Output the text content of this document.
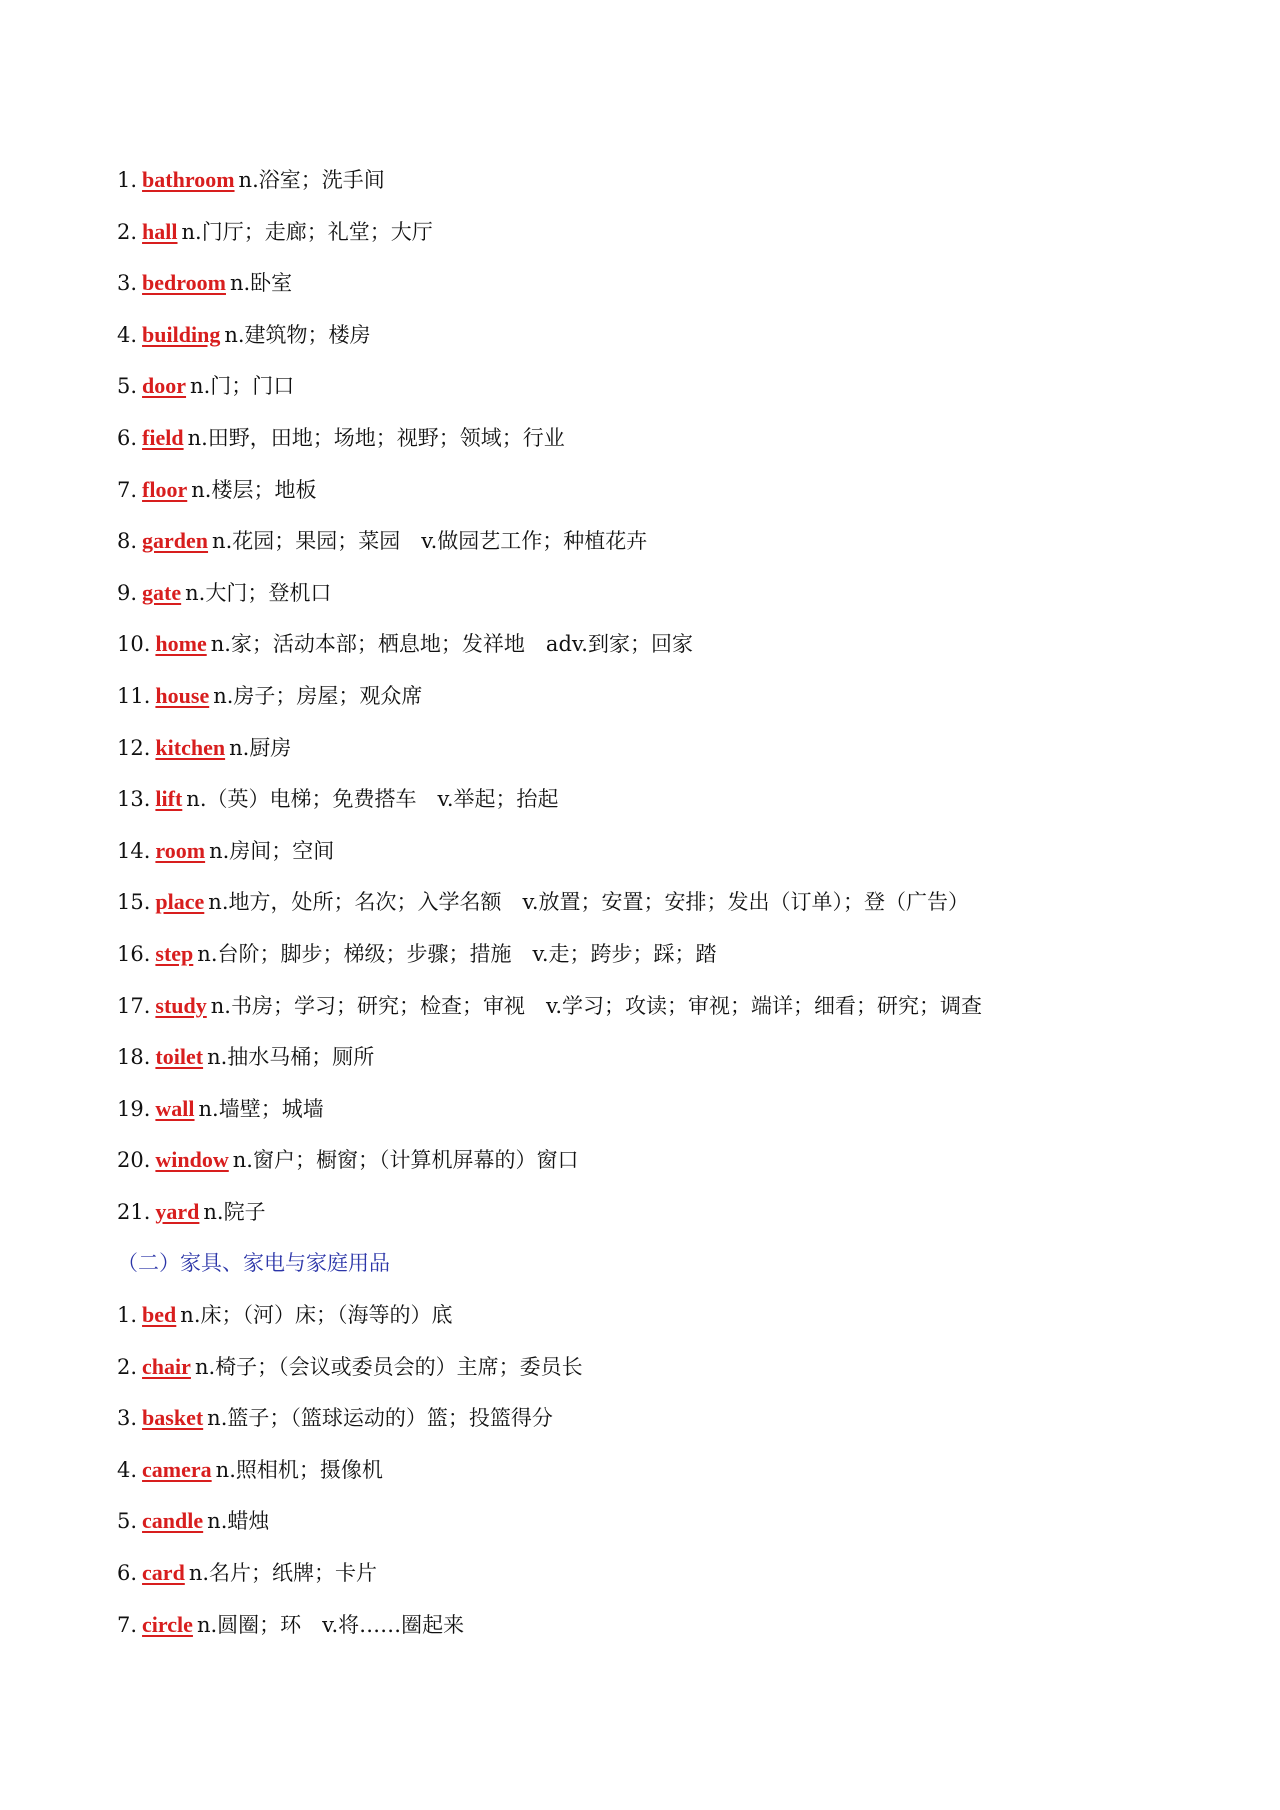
1. bathroom n.浴室；洗手间
2. hall n.门厅；走廊；礼堂；大厅
3. bedroom n.卧室
4. building n.建筑物；楼房
5. door n.门；门口
6. field n.田野，田地；场地；视野；领域；行业
7. floor n.楼层；地板
8. garden n.花园；果园；菜园　v.做园艺工作；种植花卉
9. gate n.大门；登机口
10. home n.家；活动本部；栖息地；发祥地　adv.到家；回家
11. house n.房子；房屋；观众席
12. kitchen n.厨房
13. lift n.（英）电梯；免费搭车　v.举起；抬起
14. room n.房间；空间
15. place n.地方，处所；名次；入学名额　v.放置；安置；安排；发出（订单）；登（广告）
16. step n.台阶；脚步；梯级；步骤；措施　v.走；跨步；踩；踏
17. study n.书房；学习；研究；检查；审视　v.学习；攻读；审视；端详；细看；研究；调查
18. toilet n.抽水马桶；厕所
19. wall n.墙壁；城墙
20. window n.窗户；橱窗；（计算机屏幕的）窗口
21. yard n.院子
（二）家具、家电与家庭用品
1. bed n.床；（河）床；（海等的）底
2. chair n.椅子；（会议或委员会的）主席；委员长
3. basket n.篮子；（篮球运动的）篮；投篮得分
4. camera n.照相机；摄像机
5. candle n.蜡烛
6. card n.名片；纸牌；卡片
7. circle n.圆圈；环　v.将……圈起来
